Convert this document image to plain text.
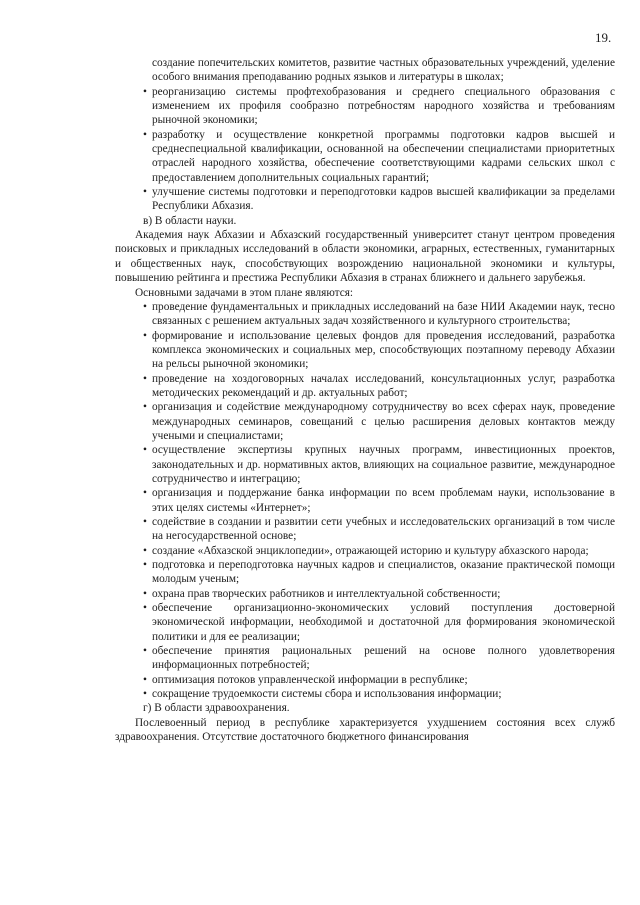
19.
создание попечительских комитетов, развитие частных образовательных учреждений, уделение особого внимания преподаванию родных языков и литературы в школах;
• реорганизацию системы профтехобразования и среднего специального образования с изменением их профиля сообразно потребностям народного хозяйства и требованиям рыночной экономики;
• разработку и осуществление конкретной программы подготовки кадров высшей и среднеспециальной квалификации, основанной на обеспечении специалистами приоритетных отраслей народного хозяйства, обеспечение соответствующими кадрами сельских школ с предоставлением дополнительных социальных гарантий;
• улучшение системы подготовки и переподготовки кадров высшей квалификации за пределами Республики Абхазия.
в) В области науки.
Академия наук Абхазии и Абхазский государственный университет станут центром проведения поисковых и прикладных исследований в области экономики, аграрных, естественных, гуманитарных и общественных наук, способствующих возрождению национальной экономики и культуры, повышению рейтинга и престижа Республики Абхазия в странах ближнего и дальнего зарубежья.
Основными задачами в этом плане являются:
• проведение фундаментальных и прикладных исследований на базе НИИ Академии наук, тесно связанных с решением актуальных задач хозяйственного и культурного строительства;
• формирование и использование целевых фондов для проведения исследований, разработка комплекса экономических и социальных мер, способствующих поэтапному переводу Абхазии на рельсы рыночной экономики;
• проведение на хоздоговорных началах исследований, консультационных услуг, разработка методических рекомендаций и др. актуальных работ;
• организация и содействие международному сотрудничеству во всех сферах наук, проведение международных семинаров, совещаний с целью расширения деловых контактов между учеными и специалистами;
• осуществление экспертизы крупных научных программ, инвестиционных проектов, законодательных и др. нормативных актов, влияющих на социальное развитие, международное сотрудничество и интеграцию;
• организация и поддержание банка информации по всем проблемам науки, использование в этих целях системы «Интернет»;
• содействие в создании и развитии сети учебных и исследовательских организаций в том числе на негосударственной основе;
• создание «Абхазской энциклопедии», отражающей историю и культуру абхазского народа;
• подготовка и переподготовка научных кадров и специалистов, оказание практической помощи молодым ученым;
• охрана прав творческих работников и интеллектуальной собственности;
• обеспечение организационно-экономических условий поступления достоверной экономической информации, необходимой и достаточной для формирования экономической политики и для ее реализации;
• обеспечение принятия рациональных решений на основе полного удовлетворения информационных потребностей;
• оптимизация потоков управленческой информации в республике;
• сокращение трудоемкости системы сбора и использования информации;
г) В области здравоохранения.
Послевоенный период в республике характеризуется ухудшением состояния всех служб здравоохранения. Отсутствие достаточного бюджетного финансирования
